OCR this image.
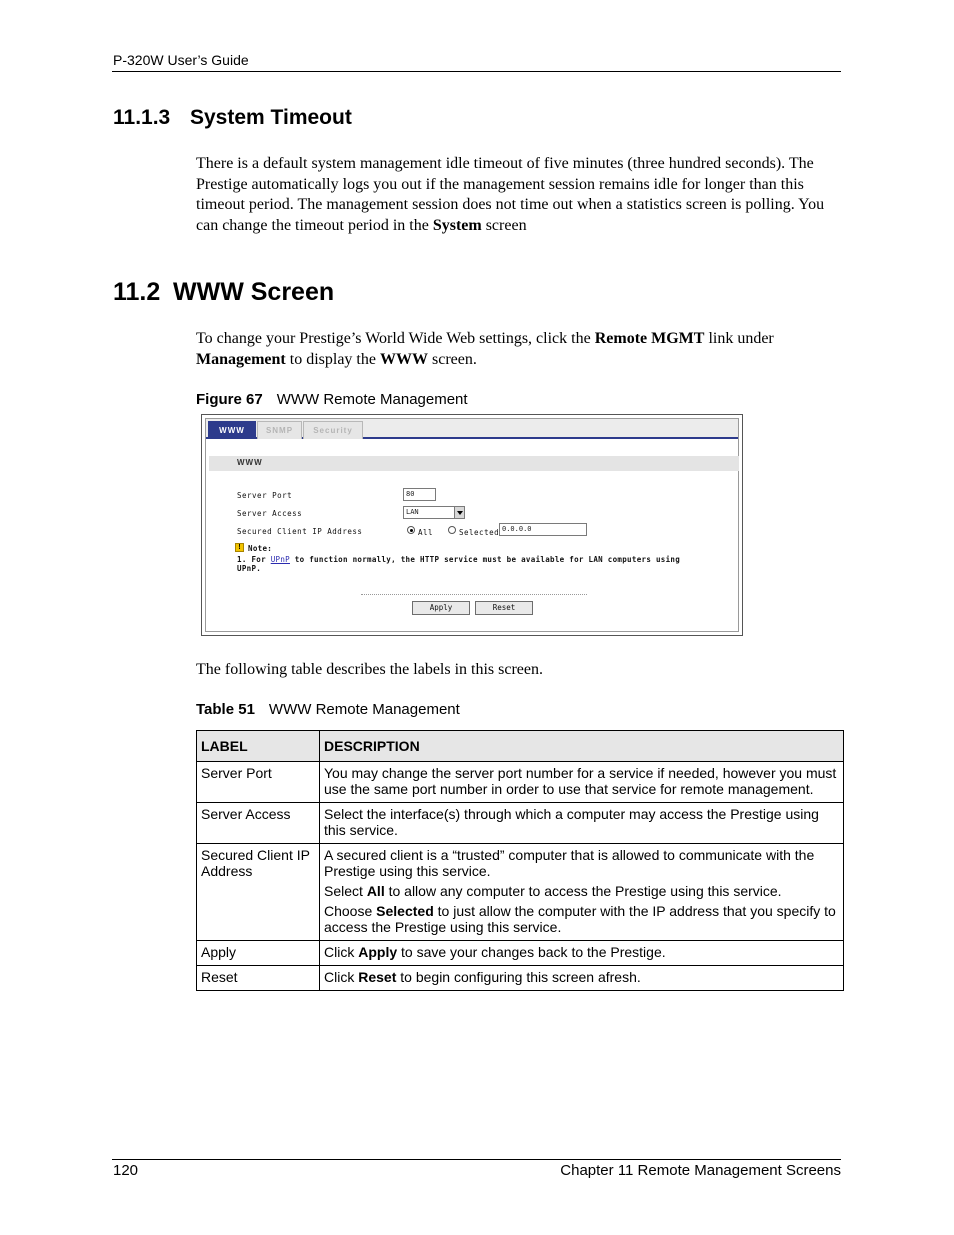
P-320W User’s Guide
11.1.3 System Timeout
There is a default system management idle timeout of five minutes (three hundred seconds). The Prestige automatically logs you out if the management session remains idle for longer than this timeout period. The management session does not time out when a statistics screen is polling. You can change the timeout period in the System screen
11.2 WWW Screen
To change your Prestige’s World Wide Web settings, click the Remote MGMT link under
Management to display the WWW screen.
Figure 67 WWW Remote Management
WWW	SNMP	Security
WWW
Server Port	80
Server Access	LAN
Secured Client IP Address	All	Selected 0.0.0.0
! Note:
1. For UPnP to function normally, the HTTP service must be available for LAN computers using
UPnP.
Apply	Reset
The following table describes the labels in this screen.
Table 51 WWW Remote Management
LABEL	DESCRIPTION
Server Port	You may change the server port number for a service if needed, however you must use the same port number in order to use that service for remote management.
Server Access	Select the interface(s) through which a computer may access the Prestige using this service.
Secured Client IP Address	A secured client is a “trusted” computer that is allowed to communicate with the Prestige using this service.

Select All to allow any computer to access the Prestige using this service.

Choose Selected to just allow the computer with the IP address that you specify to access the Prestige using this service.

Apply	Click Apply to save your changes back to the Prestige.
Reset	Click Reset to begin configuring this screen afresh.
120	Chapter 11 Remote Management Screens
